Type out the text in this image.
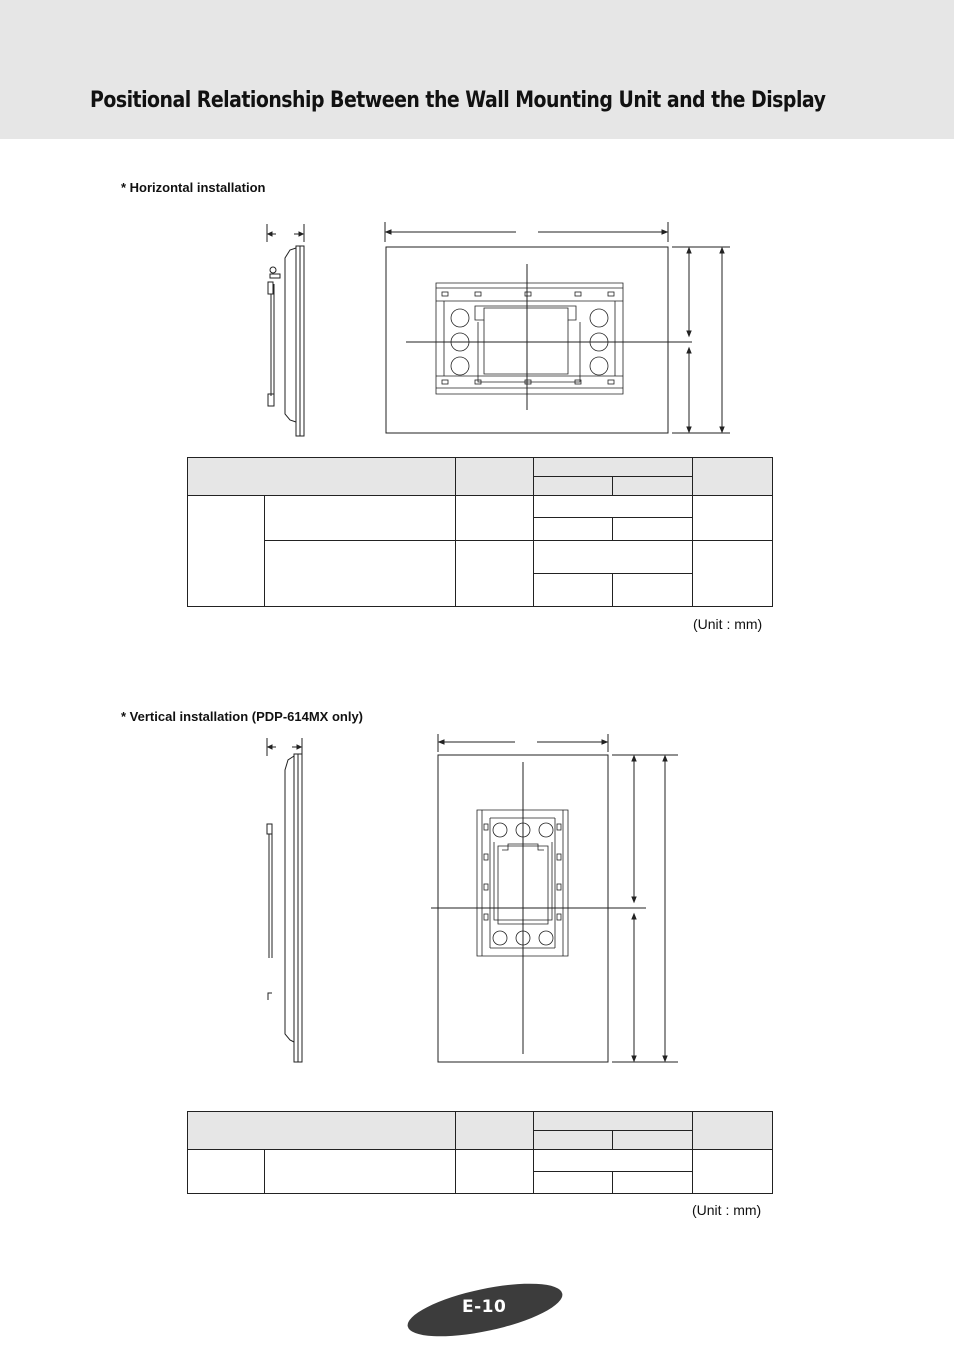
Positional Relationship Between the Wall Mounting Unit and the Display
* Horizontal installation

(Unit : mm)
* Vertical installation (PDP-614MX only)

(Unit : mm)
E-10
